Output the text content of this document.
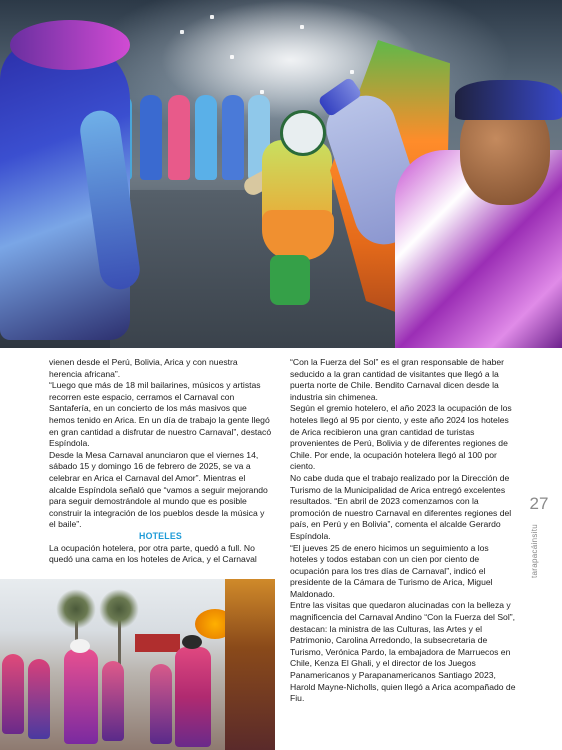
vienen desde el Perú, Bolivia, Arica y con nuestra herencia africana”.

“Luego que más de 18 mil bailarines, músicos y artistas recorren este espacio, cerramos el Carnaval con Santafería, en un concierto de los más masivos que hemos tenido en Arica. En un día de trabajo la gente llegó en gran cantidad a disfrutar de nuestro Carnaval”, destacó Espíndola.

Desde la Mesa Carnaval anunciaron que el viernes 14, sábado 15 y domingo 16 de febrero de 2025, se va a celebrar en Arica el Carnaval del Amor”. Mientras el alcalde Espíndola señaló que “vamos a seguir mejorando para seguir demostrándole al mundo que es posible construir la integración de los pueblos desde la música y el baile”.

HOTELES

La ocupación hotelera, por otra parte, quedó a full. No quedó una cama en los hoteles de Arica, y el Carnaval

“Con la Fuerza del Sol” es el gran responsable de haber seducido a la gran cantidad de visitantes que llegó a la puerta norte de Chile. Bendito Carnaval dicen desde la industria sin chimenea.

Según el gremio hotelero, el año 2023 la ocupación de los hoteles llegó al 95 por ciento, y este año 2024 los hoteles de Arica recibieron una gran cantidad de turistas provenientes de Perú, Bolivia y de diferentes regiones de Chile. Por ende, la ocupación hotelera llegó al 100 por ciento.

No cabe duda que el trabajo realizado por la Dirección de Turismo de la Municipalidad de Arica entregó excelentes resultados. “En abril de 2023 comenzamos con la promoción de nuestro Carnaval en diferentes regiones del país, en Perú y en Bolivia”, comenta el alcalde Gerardo Espíndola.

“El jueves 25 de enero hicimos un seguimiento a los hoteles y todos estaban con un cien por ciento de ocupación para los tres días de Carnaval”, indicó el presidente de la Cámara de Turismo de Arica, Miguel Maldonado.

Entre las visitas que quedaron alucinadas con la belleza y magnificencia del Carnaval Andino “Con la Fuerza del Sol”, destacan: la ministra de las Culturas, las Artes y el Patrimonio, Carolina Arredondo, la subsecretaria de Turismo, Verónica Pardo, la embajadora de Marruecos en Chile, Kenza El Ghali, y el director de los Juegos Panamericanos y Parapanamericanos Santiago 2023, Harold Mayne-Nicholls, quien llegó a Arica acompañado de Fiu.

27
tarapacáinsitu
